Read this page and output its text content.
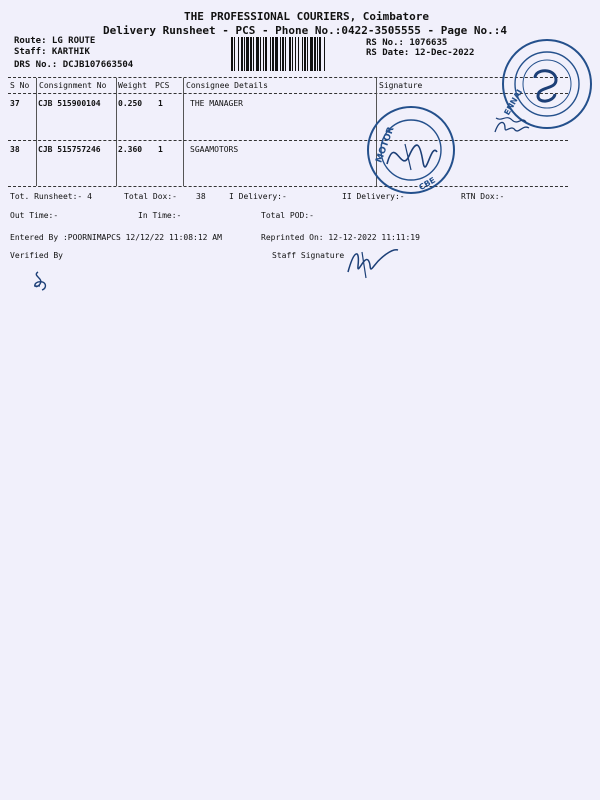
THE PROFESSIONAL COURIERS, Coimbatore
Delivery Runsheet - PCS - Phone No.:0422-3505555 - Page No.:4
Route: LG ROUTE
Staff: KARTHIK
DRS No.: DCJB107663504
RS No.: 1076635
RS Date: 12-Dec-2022
S No Consignment No Weight PCS Consignee Details	Signature
37 CJB 515900104 0.250 1	THE MANAGER
38 CJB 515757246 2.360 1	SGAAMOTORS
Tot. Runsheet:- 4	Total Dox:- 38	I Delivery:-	II Delivery:-	RTN Dox:-
Out Time:-	In Time:-	Total POD:-
Entered By :POORNIMAPCS 12/12/22 11:08:12 AM	Reprinted On: 12-12-2022 11:11:19
Verified By	Staff Signature
MOTOR
CBE
ENNAI
